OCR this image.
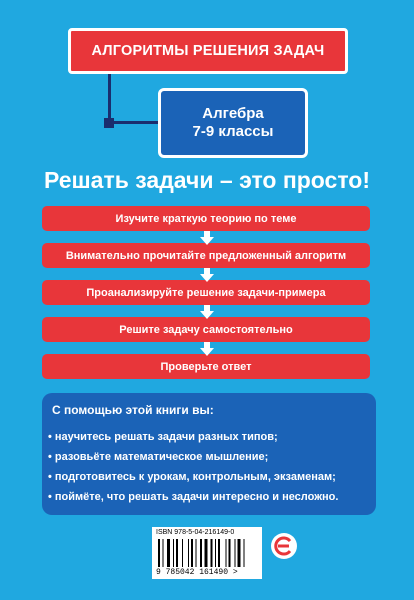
АЛГОРИТМЫ РЕШЕНИЯ ЗАДАЧ
Алгебра
7-9 классы
Решать задачи – это просто!
Изучите краткую теорию по теме
Внимательно прочитайте предложенный алгоритм
Проанализируйте решение задачи-примера
Решите задачу самостоятельно
Проверьте ответ
С помощью этой книги вы:
• научитесь решать задачи разных типов;
• разовьёте математическое мышление;
• подготовитесь к урокам, контрольным, экзаменам;
• поймёте, что решать задачи интересно и несложно.
ISBN 978-5-04-216149-0
9 785042 161490 >
